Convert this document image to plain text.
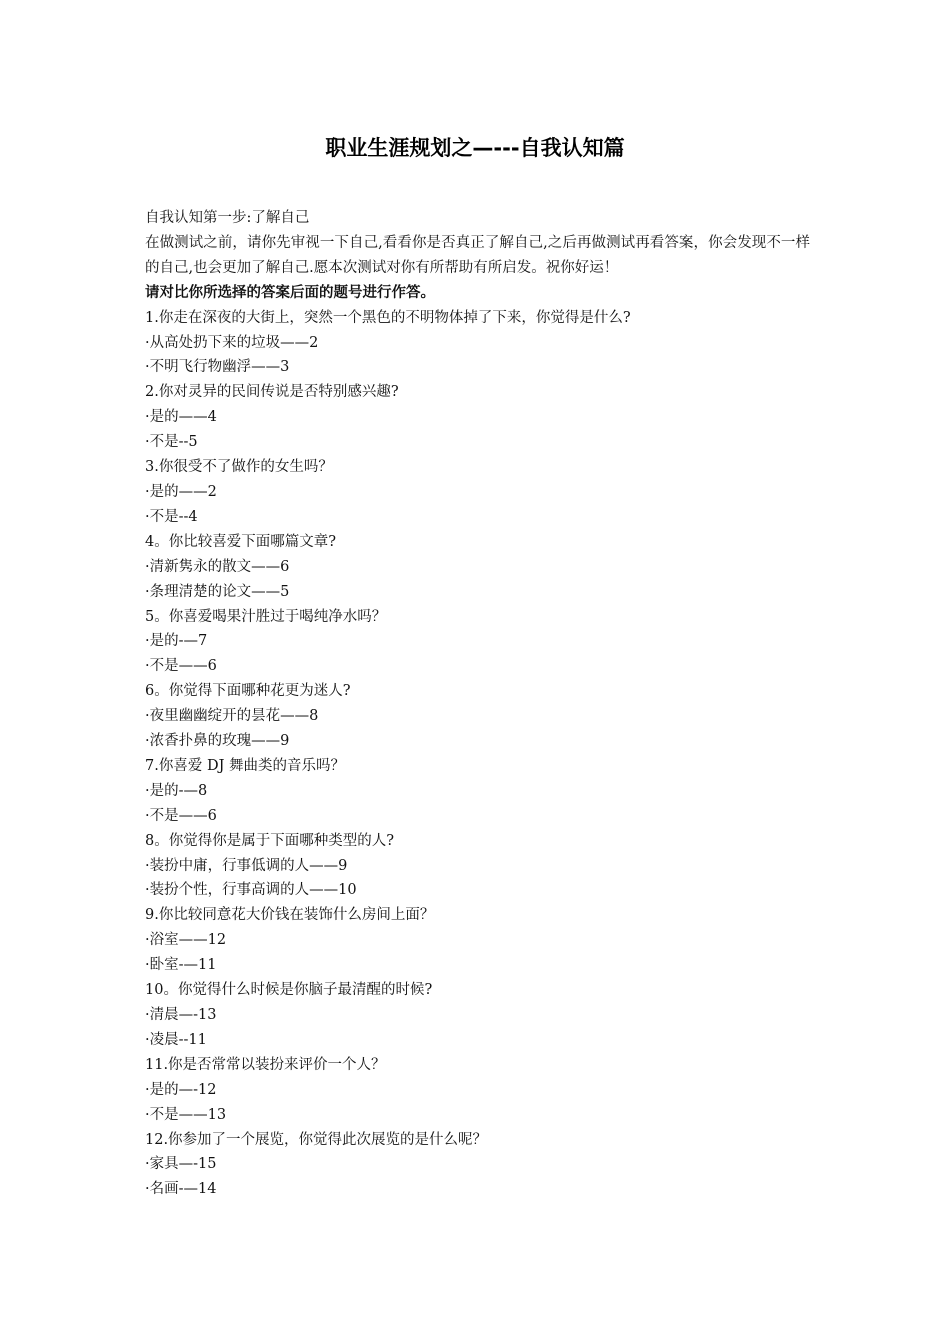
职业生涯规划之—---自我认知篇
自我认知第一步:了解自己
在做测试之前，请你先审视一下自己,看看你是否真正了解自己,之后再做测试再看答案，你会发现不一样的自己,也会更加了解自己.愿本次测试对你有所帮助有所启发。祝你好运！
请对比你所选择的答案后面的题号进行作答。
1.你走在深夜的大街上，突然一个黑色的不明物体掉了下来，你觉得是什么?
·从高处扔下来的垃圾——2
·不明飞行物幽浮——3
2.你对灵异的民间传说是否特别感兴趣?
·是的——4
·不是--5
3.你很受不了做作的女生吗？
·是的——2
·不是--4
4。你比较喜爱下面哪篇文章?
·清新隽永的散文——6
·条理清楚的论文——5
5。你喜爱喝果汁胜过于喝纯净水吗？
·是的-—7
·不是——6
6。你觉得下面哪种花更为迷人?
·夜里幽幽绽开的昙花——8
·浓香扑鼻的玫瑰——9
7.你喜爱 DJ 舞曲类的音乐吗？
·是的-—8
·不是——6
8。你觉得你是属于下面哪种类型的人?
·装扮中庸，行事低调的人——9
·装扮个性，行事高调的人——10
9.你比较同意花大价钱在装饰什么房间上面？
·浴室——12
·卧室-—11
10。你觉得什么时候是你脑子最清醒的时候?
·清晨—-13
·凌晨--11
11.你是否常常以装扮来评价一个人？
·是的—-12
·不是——13
12.你参加了一个展览，你觉得此次展览的是什么呢？
·家具—-15
·名画-—14
